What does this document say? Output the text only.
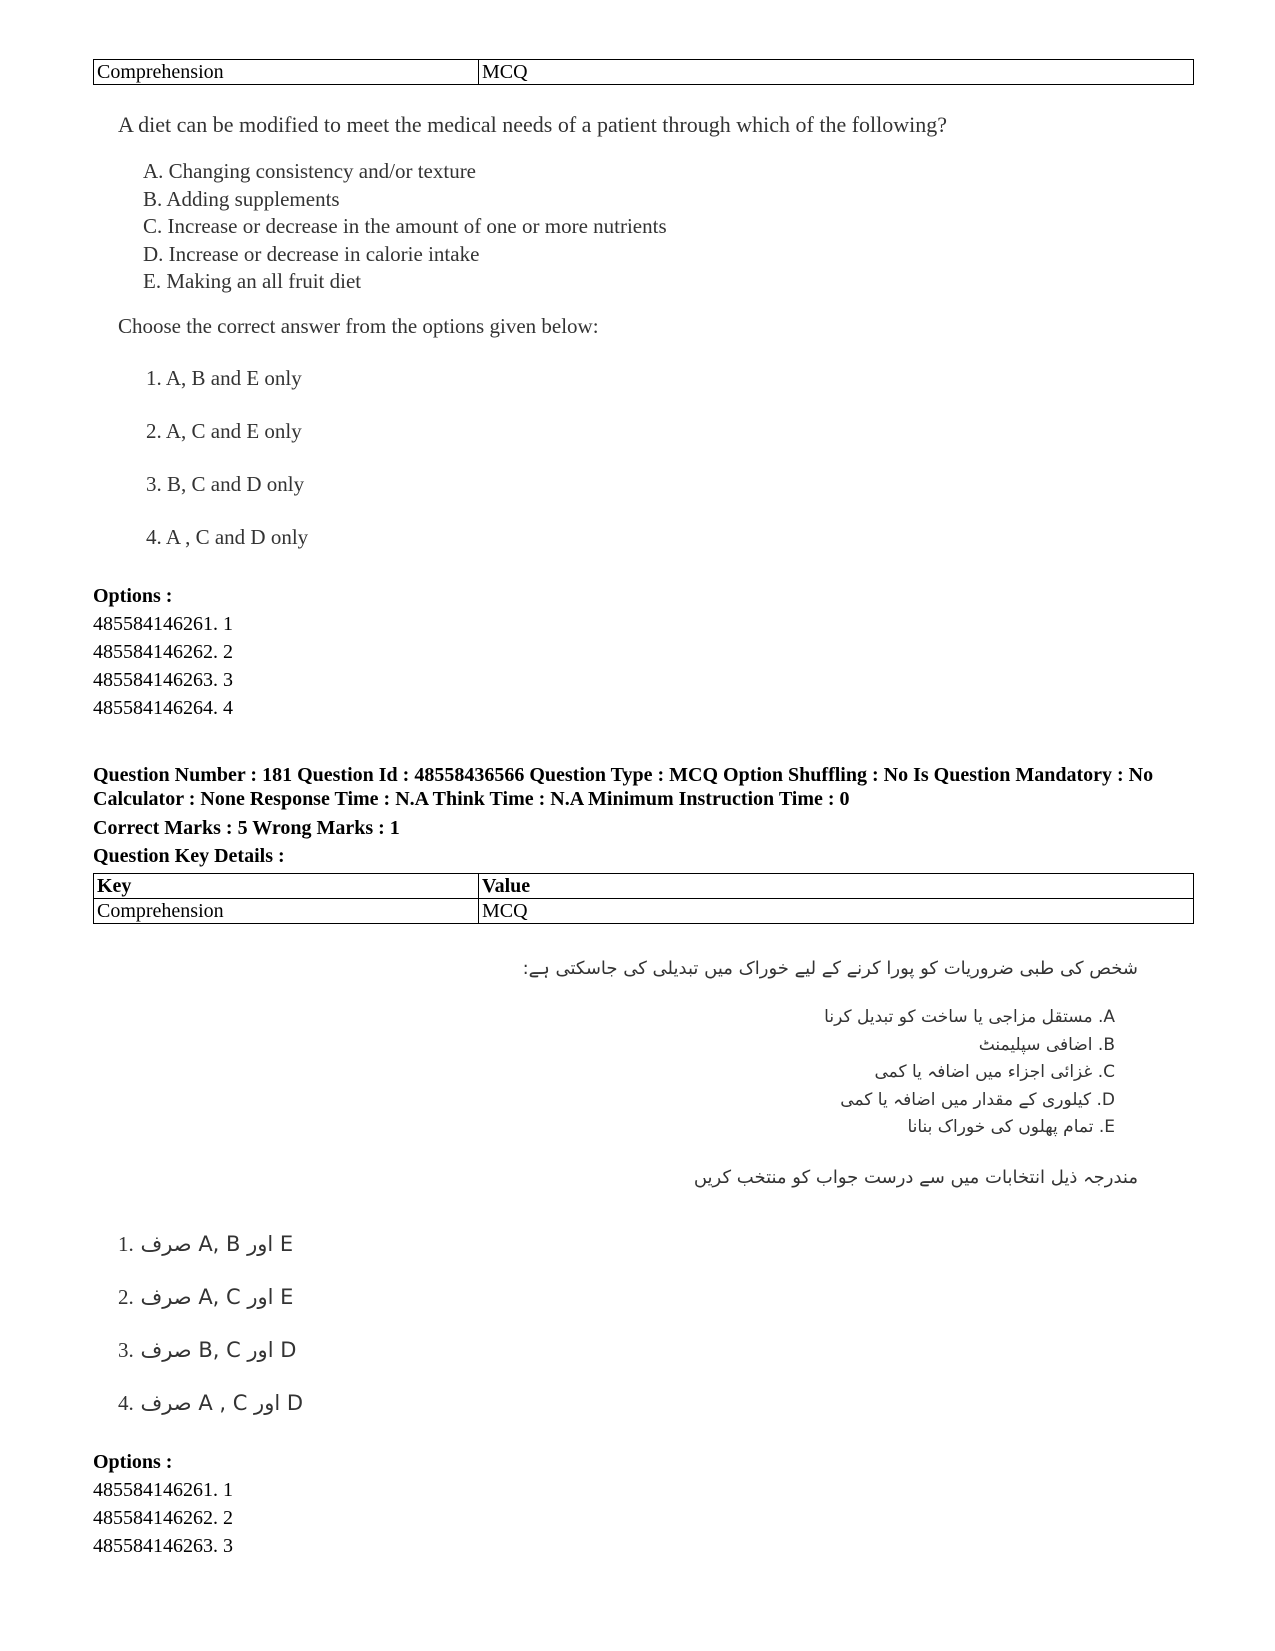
Comprehension	MCQ
A diet can be modified to meet the medical needs of a patient through which of the following?
A. Changing consistency and/or texture
B. Adding supplements
C. Increase or decrease in the amount of one or more nutrients
D. Increase or decrease in calorie intake
E. Making an all fruit diet
Choose the correct answer from the options given below:
1. A, B and E only
2. A, C and E only
3. B, C and D only
4. A , C and D only
Options :
485584146261. 1
485584146262. 2
485584146263. 3
485584146264. 4
Question Number : 181 Question Id : 48558436566 Question Type : MCQ Option Shuffling : No Is Question Mandatory : No Calculator : None Response Time : N.A Think Time : N.A Minimum Instruction Time : 0
Correct Marks : 5 Wrong Marks : 1
Question Key Details :
Key	Value
Comprehension	MCQ
شخص کی طبی ضروریات کو پورا کرنے کے لیے خوراک میں تبدیلی کی جاسکتی ہے:
A. مستقل مزاجی یا ساخت کو تبدیل کرنا
B. اضافی سپلیمنٹ
C. غزائی اجزاء میں اضافہ یا کمی
D. کیلوری کے مقدار میں اضافہ یا کمی
E. تمام پھلوں کی خوراک بنانا
مندرجہ ذیل انتخابات میں سے درست جواب کو منتخب کریں
1. E اور A, B صرف
2. E اور A, C صرف
3. D اور B, C صرف
4. D اور A , C صرف
Options :
485584146261. 1
485584146262. 2
485584146263. 3
